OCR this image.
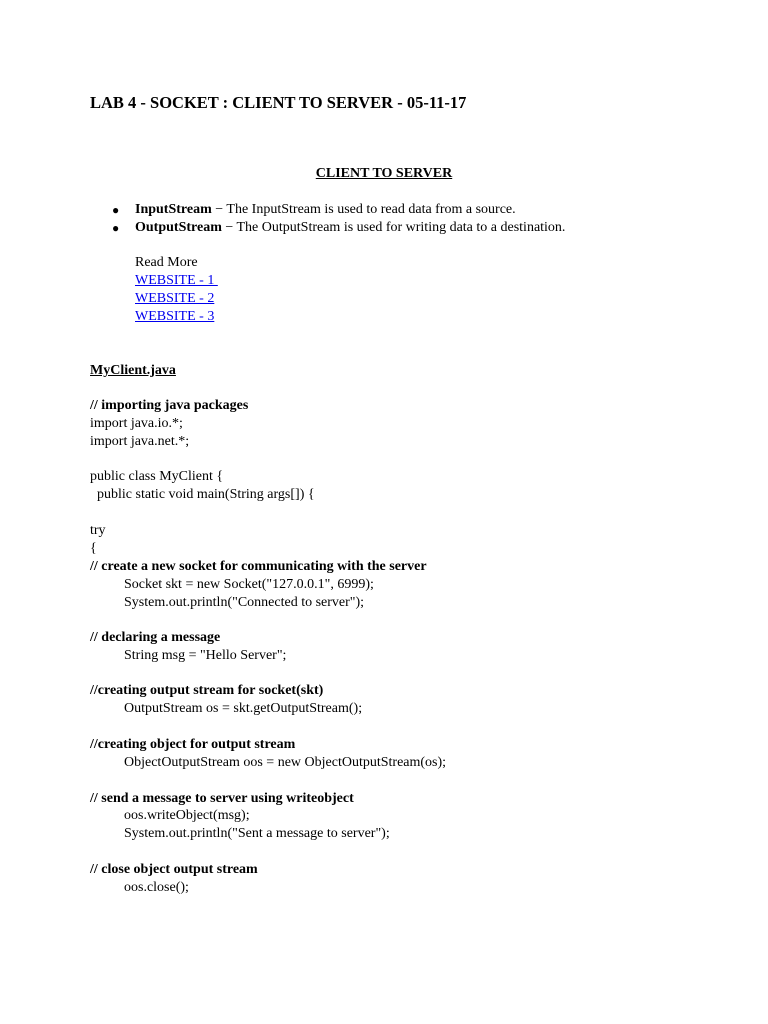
LAB 4 - SOCKET : CLIENT TO SERVER - 05-11-17
CLIENT TO SERVER
● InputStream − The InputStream is used to read data from a source.
● OutputStream − The OutputStream is used for writing data to a destination.
Read More
WEBSITE - 1
WEBSITE - 2
WEBSITE - 3
MyClient.java
// importing java packages
import java.io.*;
import java.net.*;
public class MyClient {
public static void main(String args[]) {
try
{
// create a new socket for communicating with the server
Socket skt = new Socket("127.0.0.1", 6999);
System.out.println("Connected to server");
// declaring a message
String msg = "Hello Server";
//creating output stream for socket(skt)
OutputStream os = skt.getOutputStream();
//creating object for output stream
ObjectOutputStream oos = new ObjectOutputStream(os);
// send a message to server using writeobject
oos.writeObject(msg);
System.out.println("Sent a message to server");
// close object output stream
oos.close();
